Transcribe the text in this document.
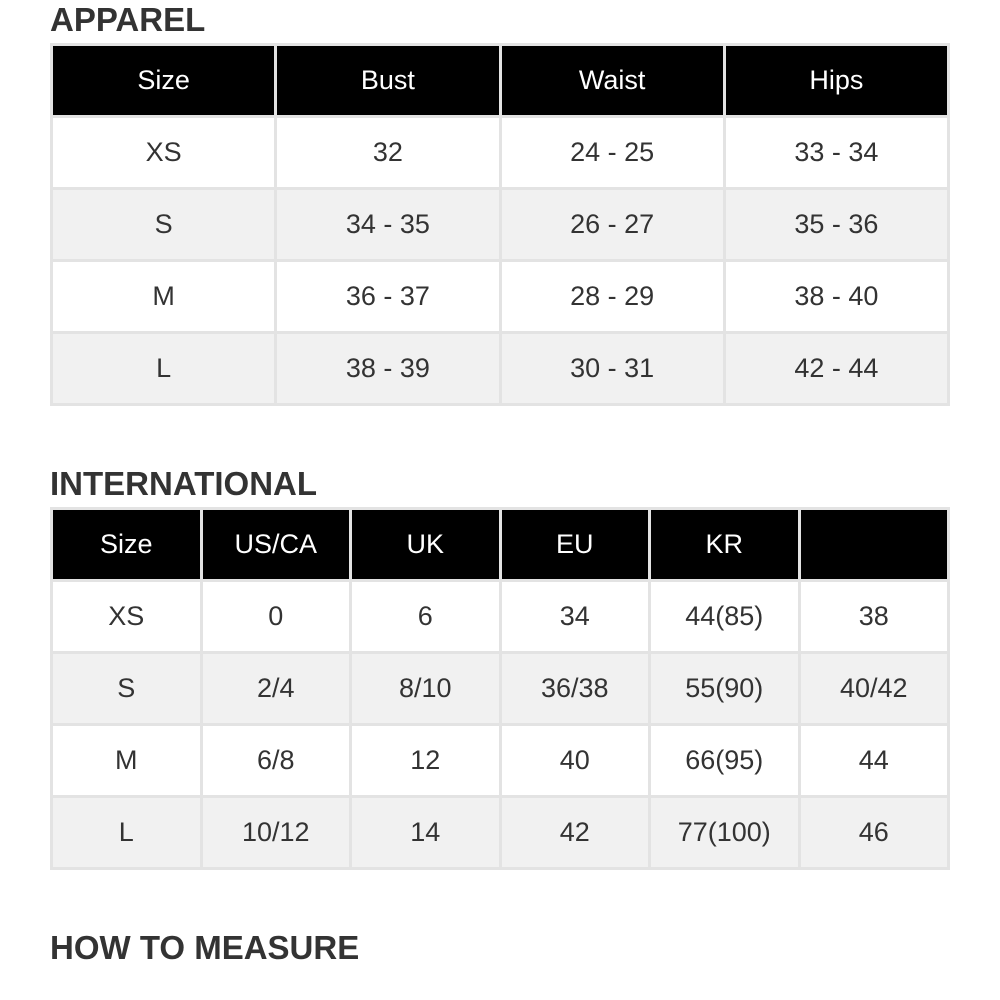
APPAREL
Size	Bust	Waist	Hips
XS	32	24 - 25	33 - 34
S	34 - 35	26 - 27	35 - 36
M	36 - 37	28 - 29	38 - 40
L	38 - 39	30 - 31	42 - 44
INTERNATIONAL
Size	US/CA	UK	EU	KR	
XS	0	6	34	44(85)	38
S	2/4	8/10	36/38	55(90)	40/42
M	6/8	12	40	66(95)	44
L	10/12	14	42	77(100)	46
HOW TO MEASURE
